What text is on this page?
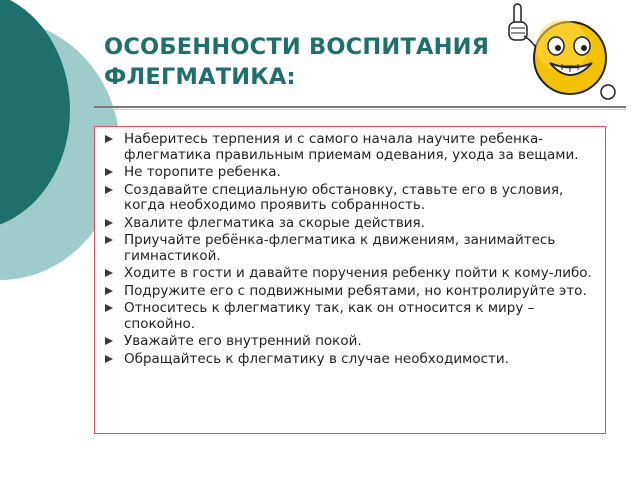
ОСОБЕННОСТИ ВОСПИТАНИЯ
ФЛЕГМАТИКА:
Наберитесь терпения и с самого начала научите ребенка-флегматика правильным приемам одевания, ухода за вещами.
Не торопите ребенка.
Создавайте специальную обстановку, ставьте его в условия, когда необходимо проявить собранность.
Хвалите флегматика за скорые действия.
Приучайте ребёнка-флегматика к движениям, занимайтесь гимнастикой.
Ходите в гости и давайте поручения ребенку пойти к кому-либо.
Подружите его с подвижными ребятами, но контролируйте это.
Относитесь к флегматику так, как он относится к миру – спокойно.
Уважайте его внутренний покой.
Обращайтесь к флегматику в случае необходимости.
